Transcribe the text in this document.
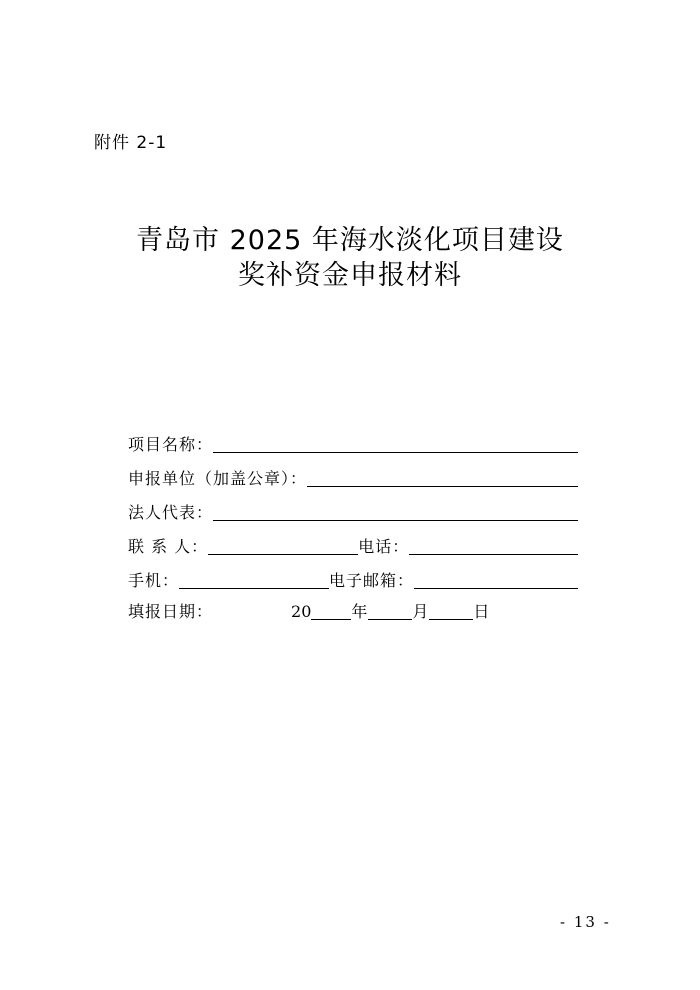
附件 2-1
青岛市 2025 年海水淡化项目建设
奖补资金申报材料
项目名称：
申报单位（加盖公章）：
法人代表：
联 系 人：	电话：
手机：	电子邮箱：
填报日期：	20	年	月	日
- 13 -
